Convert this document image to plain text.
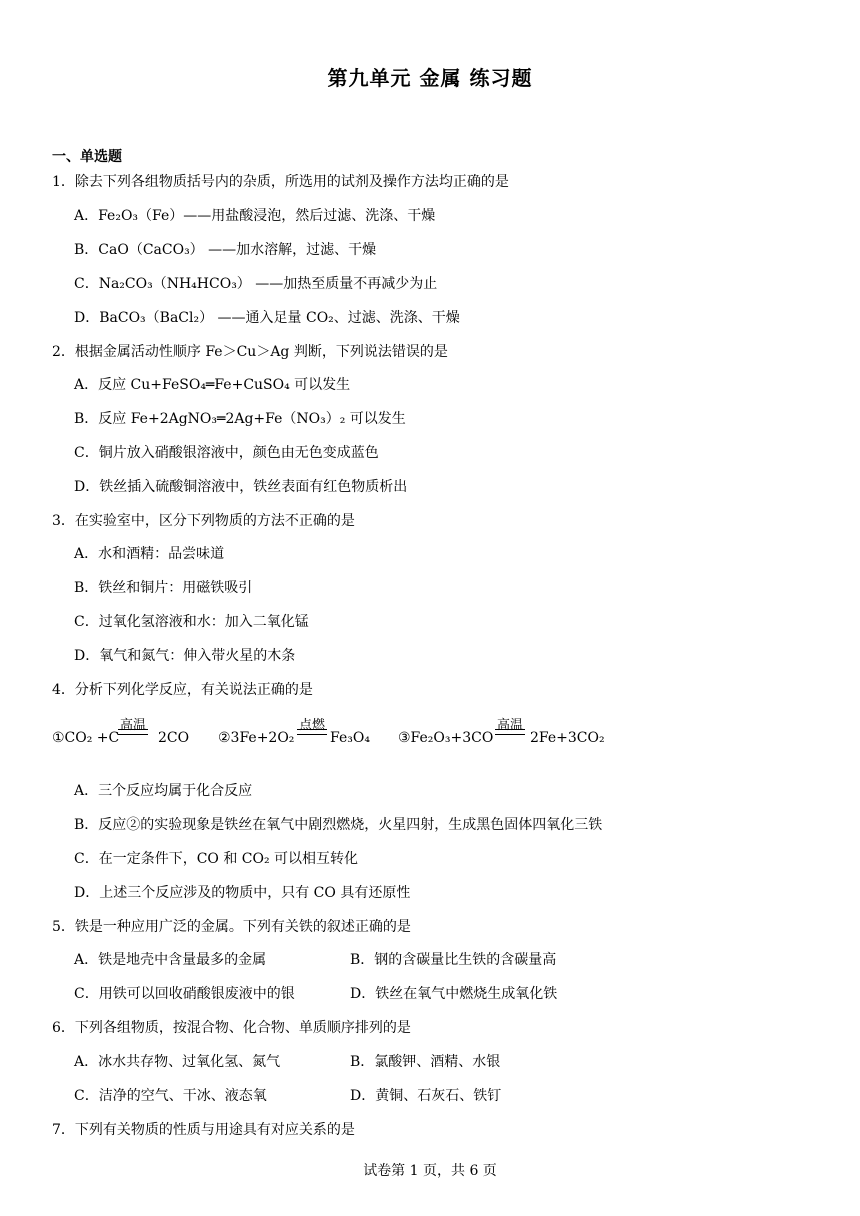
第九单元 金属 练习题
一、单选题
1．除去下列各组物质括号内的杂质，所选用的试剂及操作方法均正确的是
A．Fe₂O₃（Fe）——用盐酸浸泡，然后过滤、洗涤、干燥
B．CaO（CaCO₃） ——加水溶解，过滤、干燥
C．Na₂CO₃（NH₄HCO₃） ——加热至质量不再减少为止
D．BaCO₃（BaCl₂） ——通入足量 CO₂、过滤、洗涤、干燥
2．根据金属活动性顺序 Fe＞Cu＞Ag 判断，下列说法错误的是
A．反应 Cu+FeSO₄═Fe+CuSO₄ 可以发生
B．反应 Fe+2AgNO₃═2Ag+Fe（NO₃）₂ 可以发生
C．铜片放入硝酸银溶液中，颜色由无色变成蓝色
D．铁丝插入硫酸铜溶液中，铁丝表面有红色物质析出
3．在实验室中，区分下列物质的方法不正确的是
A．水和酒精：品尝味道
B．铁丝和铜片：用磁铁吸引
C．过氧化氢溶液和水：加入二氧化锰
D．氧气和氮气：伸入带火星的木条
4．分析下列化学反应，有关说法正确的是
①CO₂ +C
高温
2CO ②3Fe+2O₂
点燃
Fe₃O₄ ③Fe₂O₃+3CO
高温
2Fe+3CO₂
A．三个反应均属于化合反应
B．反应②的实验现象是铁丝在氧气中剧烈燃烧，火星四射，生成黑色固体四氧化三铁
C．在一定条件下，CO 和 CO₂ 可以相互转化
D．上述三个反应涉及的物质中，只有 CO 具有还原性
5．铁是一种应用广泛的金属。下列有关铁的叙述正确的是
A．铁是地壳中含量最多的金属	B．钢的含碳量比生铁的含碳量高
C．用铁可以回收硝酸银废液中的银	D．铁丝在氧气中燃烧生成氧化铁
6．下列各组物质，按混合物、化合物、单质顺序排列的是
A．冰水共存物、过氧化氢、氮气	B．氯酸钾、酒精、水银
C．洁净的空气、干冰、液态氧	D．黄铜、石灰石、铁钉
7．下列有关物质的性质与用途具有对应关系的是
试卷第 1 页，共 6 页
